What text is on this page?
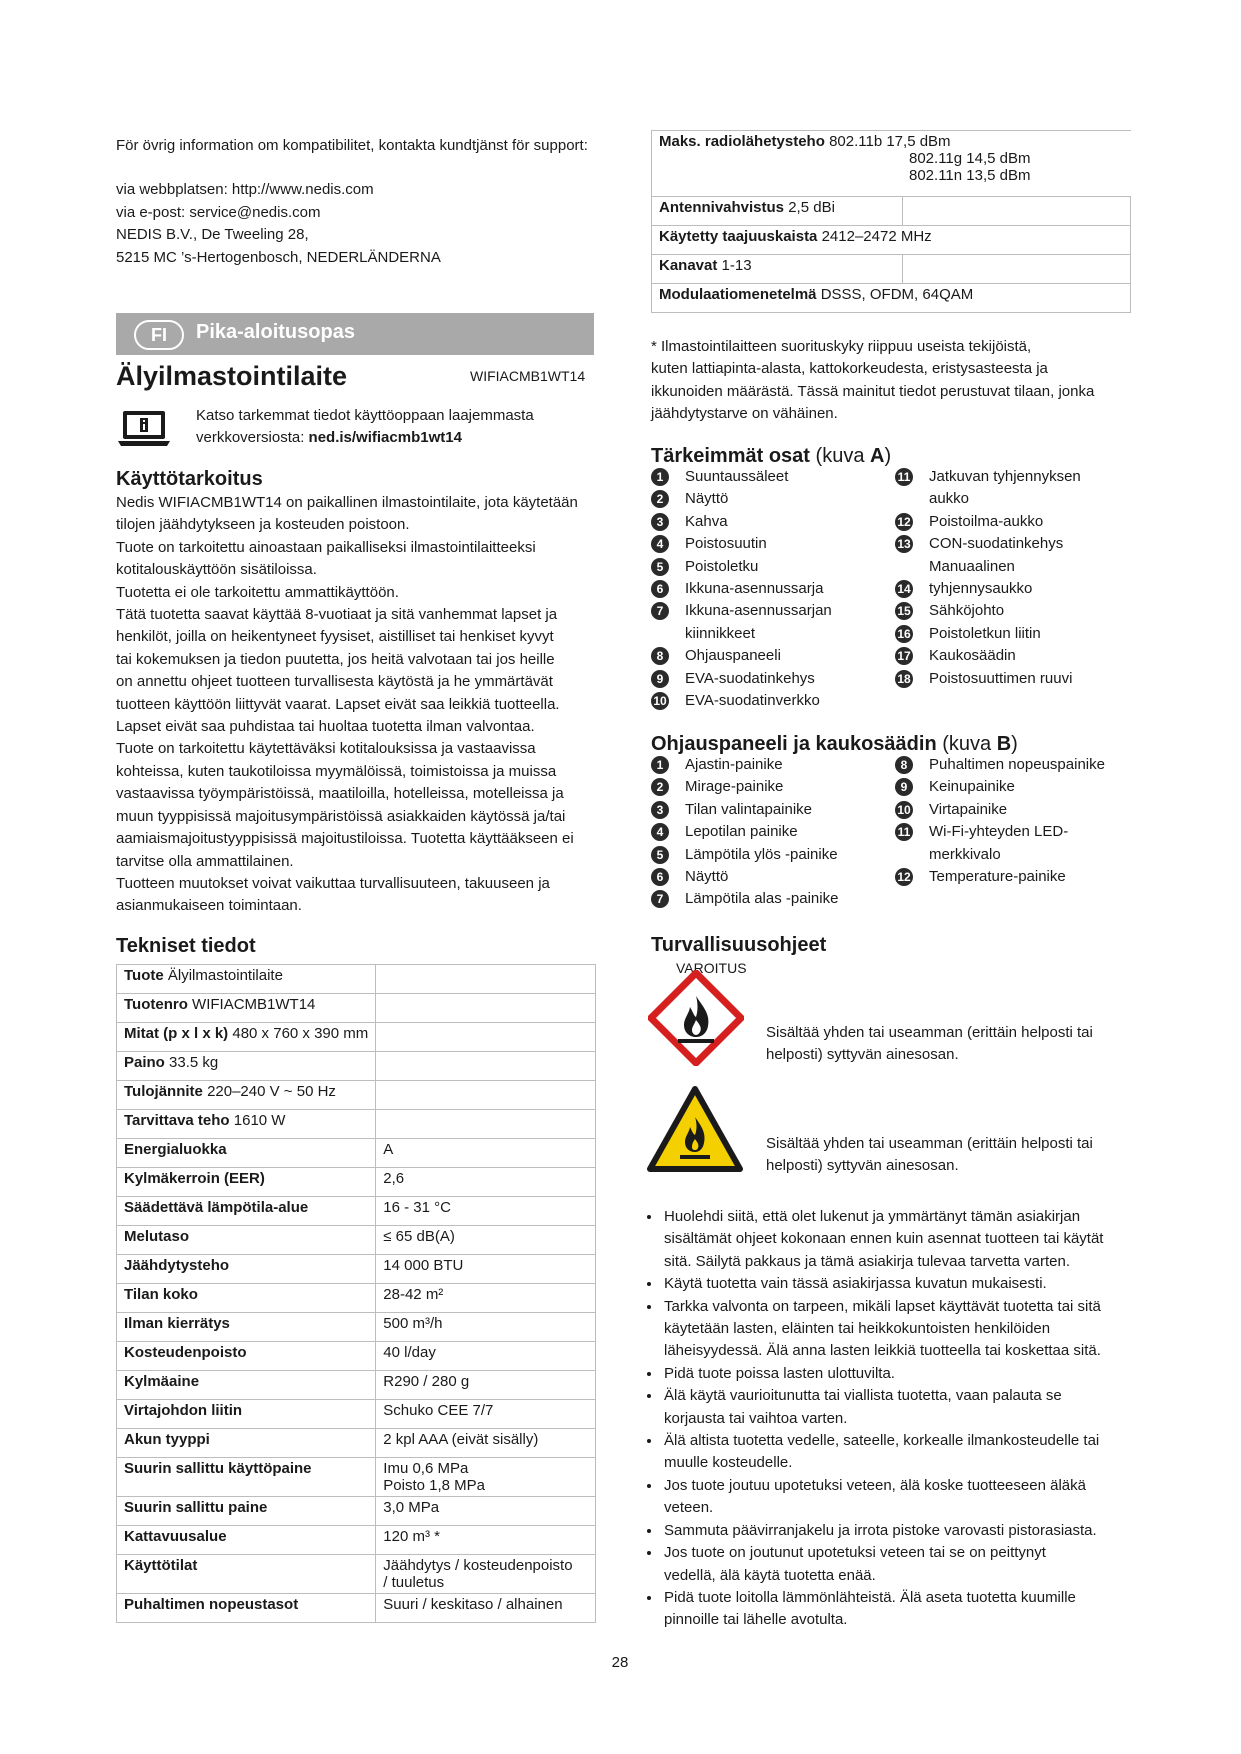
För övrig information om kompatibilitet, kontakta kundtjänst för support:
via webbplatsen: http://www.nedis.com
via e-post: service@nedis.com
NEDIS B.V., De Tweeling 28,
5215 MC ’s-Hertogenbosch, NEDERLÄNDERNA
FI	Pika-aloitusopas
Älyilmastointilaite	WIFIACMB1WT14
Katso tarkemmat tiedot käyttöoppaan laajemmasta verkkoversiosta: ned.is/wifiacmb1wt14
Käyttötarkoitus
Nedis WIFIACMB1WT14 on paikallinen ilmastointilaite, jota käytetään
tilojen jäähdytykseen ja kosteuden poistoon.
Tuote on tarkoitettu ainoastaan paikalliseksi ilmastointilaitteeksi
kotitalouskäyttöön sisätiloissa.
Tuotetta ei ole tarkoitettu ammattikäyttöön.
Tätä tuotetta saavat käyttää 8-vuotiaat ja sitä vanhemmat lapset ja
henkilöt, joilla on heikentyneet fyysiset, aistilliset tai henkiset kyvyt
tai kokemuksen ja tiedon puutetta, jos heitä valvotaan tai jos heille
on annettu ohjeet tuotteen turvallisesta käytöstä ja he ymmärtävät
tuotteen käyttöön liittyvät vaarat. Lapset eivät saa leikkiä tuotteella.
Lapset eivät saa puhdistaa tai huoltaa tuotetta ilman valvontaa.
Tuote on tarkoitettu käytettäväksi kotitalouksissa ja vastaavissa
kohteissa, kuten taukotiloissa myymälöissä, toimistoissa ja muissa
vastaavissa työympäristöissä, maatiloilla, hotelleissa, motelleissa ja
muun tyyppisissä majoitusympäristöissä asiakkaiden käytössä ja/tai
aamiaismajoitustyyppisissä majoitustiloissa. Tuotetta käyttääkseen ei
tarvitse olla ammattilainen.
Tuotteen muutokset voivat vaikuttaa turvallisuuteen, takuuseen ja
asianmukaiseen toimintaan.
Tekniset tiedot
Tuote Älyilmastointilaite	
Tuotenro WIFIACMB1WT14	
Mitat (p x l x k) 480 x 760 x 390 mm	
Paino 33.5 kg	
Tulojännite 220–240 V ~ 50 Hz	
Tarvittava teho 1610 W	
Energialuokka	A

Kylmäkerroin (EER)	2,6

Säädettävä lämpötila-alue	16 - 31 °C

Melutaso	≤ 65 dB(A)

Jäähdytysteho	14 000 BTU

Tilan koko	28-42 m²

Ilman kierrätys	500 m³/h

Kosteudenpoisto	40 l/day

Kylmäaine	R290 / 280 g

Virtajohdon liitin	Schuko CEE 7/7

Akun tyyppi	2 kpl AAA (eivät sisälly)

Suurin sallittu käyttöpaine	Imu 0,6 MPa
Poisto 1,8 MPa

Suurin sallittu paine	3,0 MPa

Kattavuusalue	120 m³ *

Käyttötilat	Jäähdytys / kosteudenpoisto
/ tuuletus

Puhaltimen nopeustasot	Suuri / keskitaso / alhainen
Maks. radiolähetysteho 802.11b 17,5 dBm
802.11g 14,5 dBm
802.11n 13,5 dBm	

Antennivahvistus 2,5 dBi	
Käytetty taajuuskaista 2412–2472 MHz	
Kanavat 1-13	
Modulaatiomenetelmä DSSS, OFDM, 64QAM	
* Ilmastointilaitteen suorituskyky riippuu useista tekijöistä,
kuten lattiapinta-alasta, kattokorkeudesta, eristysasteesta ja
ikkunoiden määrästä. Tässä mainitut tiedot perustuvat tilaan, jonka
jäähdytystarve on vähäinen.
Tärkeimmät osat (kuva A)
1	Suuntaussäleet
2	Näyttö
3	Kahva
4	Poistosuutin
5	Poistoletku
6	Ikkuna-asennussarja
7	Ikkuna-asennussarjan
kiinnikkeet
8	Ohjauspaneeli
9	EVA-suodatinkehys
10 EVA-suodatinverkko
11 Jatkuvan tyhjennyksen
aukko
12 Poistoilma-aukko
13 CON-suodatinkehys
Manuaalinen
14 tyhjennysaukko
15 Sähköjohto
16 Poistoletkun liitin
17 Kaukosäädin
18 Poistosuuttimen ruuvi
Ohjauspaneeli ja kaukosäädin (kuva B)
1	Ajastin-painike
2	Mirage-painike
3	Tilan valintapainike
4	Lepotilan painike
5	Lämpötila ylös -painike
6	Näyttö
7	Lämpötila alas -painike
8	Puhaltimen nopeuspainike
9	Keinupainike
10 Virtapainike
11 Wi-Fi-yhteyden LED-
merkkivalo
12 Temperature-painike
Turvallisuusohjeet
VAROITUS
Sisältää yhden tai useamman (erittäin helposti tai
helposti) syttyvän ainesosan.
Sisältää yhden tai useamman (erittäin helposti tai
helposti) syttyvän ainesosan.
• Huolehdi siitä, että olet lukenut ja ymmärtänyt tämän asiakirjan
sisältämät ohjeet kokonaan ennen kuin asennat tuotteen tai käytät
sitä. Säilytä pakkaus ja tämä asiakirja tulevaa tarvetta varten.
• Käytä tuotetta vain tässä asiakirjassa kuvatun mukaisesti.
• Tarkka valvonta on tarpeen, mikäli lapset käyttävät tuotetta tai sitä
käytetään lasten, eläinten tai heikkokuntoisten henkilöiden
läheisyydessä. Älä anna lasten leikkiä tuotteella tai koskettaa sitä.
• Pidä tuote poissa lasten ulottuvilta.
• Älä käytä vaurioitunutta tai viallista tuotetta, vaan palauta se
korjausta tai vaihtoa varten.
• Älä altista tuotetta vedelle, sateelle, korkealle ilmankosteudelle tai
muulle kosteudelle.
• Jos tuote joutuu upotetuksi veteen, älä koske tuotteeseen äläkä
veteen.
• Sammuta päävirranjakelu ja irrota pistoke varovasti pistorasiasta.
• Jos tuote on joutunut upotetuksi veteen tai se on peittynyt
vedellä, älä käytä tuotetta enää.
• Pidä tuote loitolla lämmönlähteistä. Älä aseta tuotetta kuumille
pinnoille tai lähelle avotulta.
28
